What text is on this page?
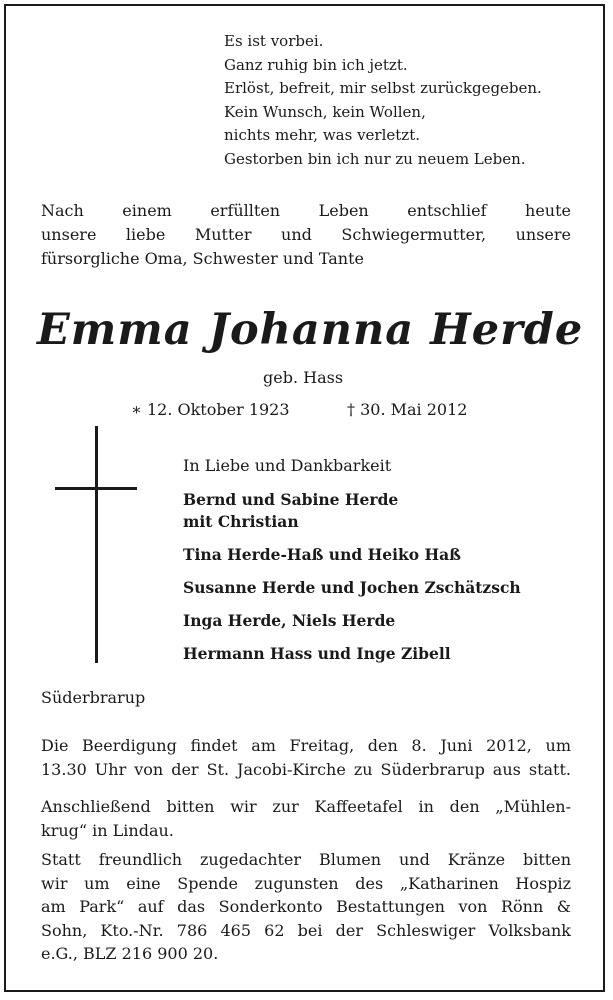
Es ist vorbei.
Ganz ruhig bin ich jetzt.
Erlöst, befreit, mir selbst zurückgegeben.
Kein Wunsch, kein Wollen,
nichts mehr, was verletzt.
Gestorben bin ich nur zu neuem Leben.
Nach einem erfüllten Leben entschlief heute
unsere liebe Mutter und Schwiegermutter, unsere
fürsorgliche Oma, Schwester und Tante
Emma Johanna Herde
geb. Hass
∗ 12. Oktober 1923	† 30. Mai 2012
In Liebe und Dankbarkeit
Bernd und Sabine Herde
mit Christian
Tina Herde-Haß und Heiko Haß
Susanne Herde und Jochen Zschätzsch
Inga Herde, Niels Herde
Hermann Hass und Inge Zibell
Süderbrarup
Die Beerdigung findet am Freitag, den 8. Juni 2012, um
13.30 Uhr von der St. Jacobi-Kirche zu Süderbrarup aus statt.
Anschließend bitten wir zur Kaffeetafel in den „Mühlen-
krug“ in Lindau.
Statt freundlich zugedachter Blumen und Kränze bitten
wir um eine Spende zugunsten des „Katharinen Hospiz
am Park“ auf das Sonderkonto Bestattungen von Rönn &
Sohn, Kto.-Nr. 786 465 62 bei der Schleswiger Volksbank
e.G., BLZ 216 900 20.
